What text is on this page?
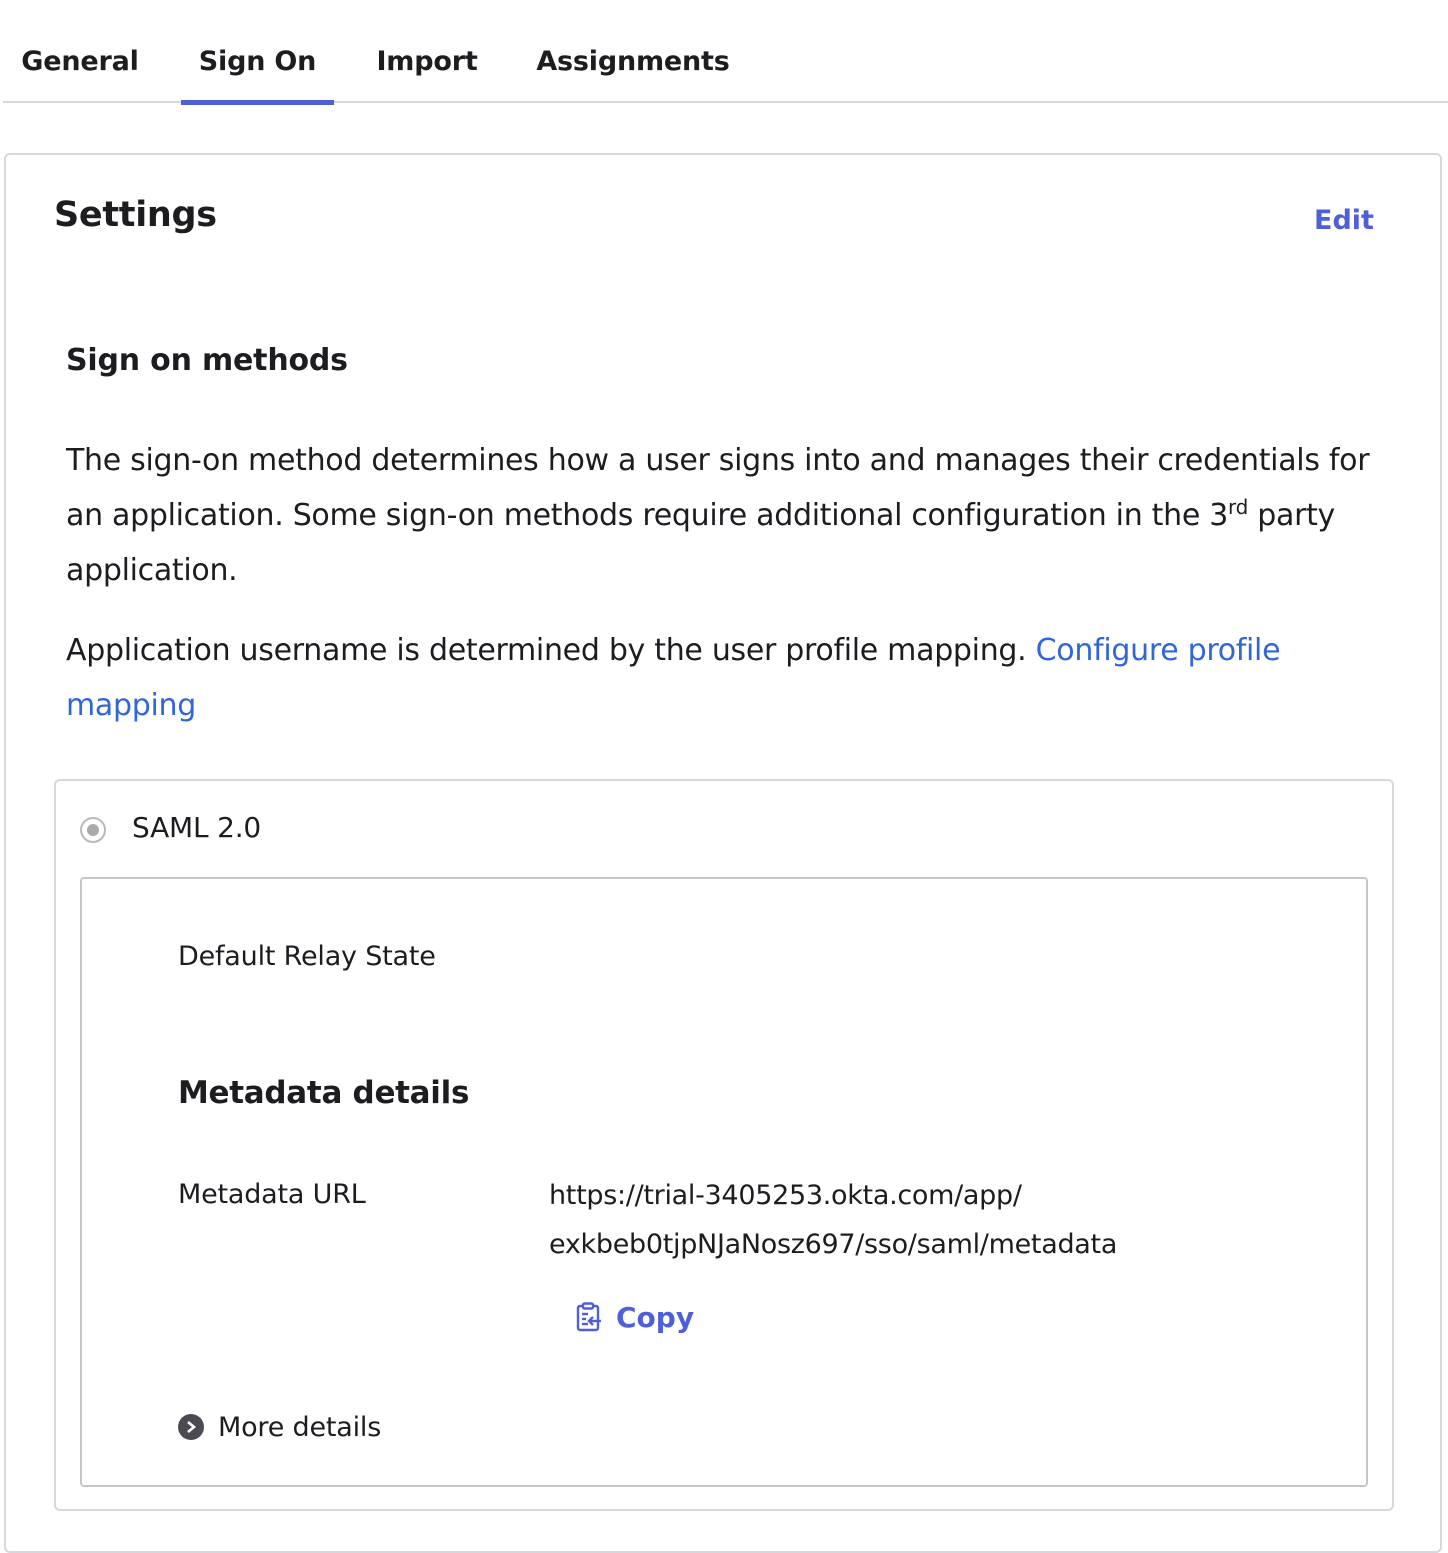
General	Sign On	Import	Assignments
Settings	Edit
Sign on methods

The sign-on method determines how a user signs into and manages their credentials for an application. Some sign-on methods require additional configuration in the 3rd party application.

Application username is determined by the user profile mapping. Configure profile mapping

SAML 2.0
Default Relay State
Metadata details
Metadata URL	https://trial-3405253.okta.com/app/
exkbeb0tjpNJaNosz697/sso/saml/metadata
Copy
More details
